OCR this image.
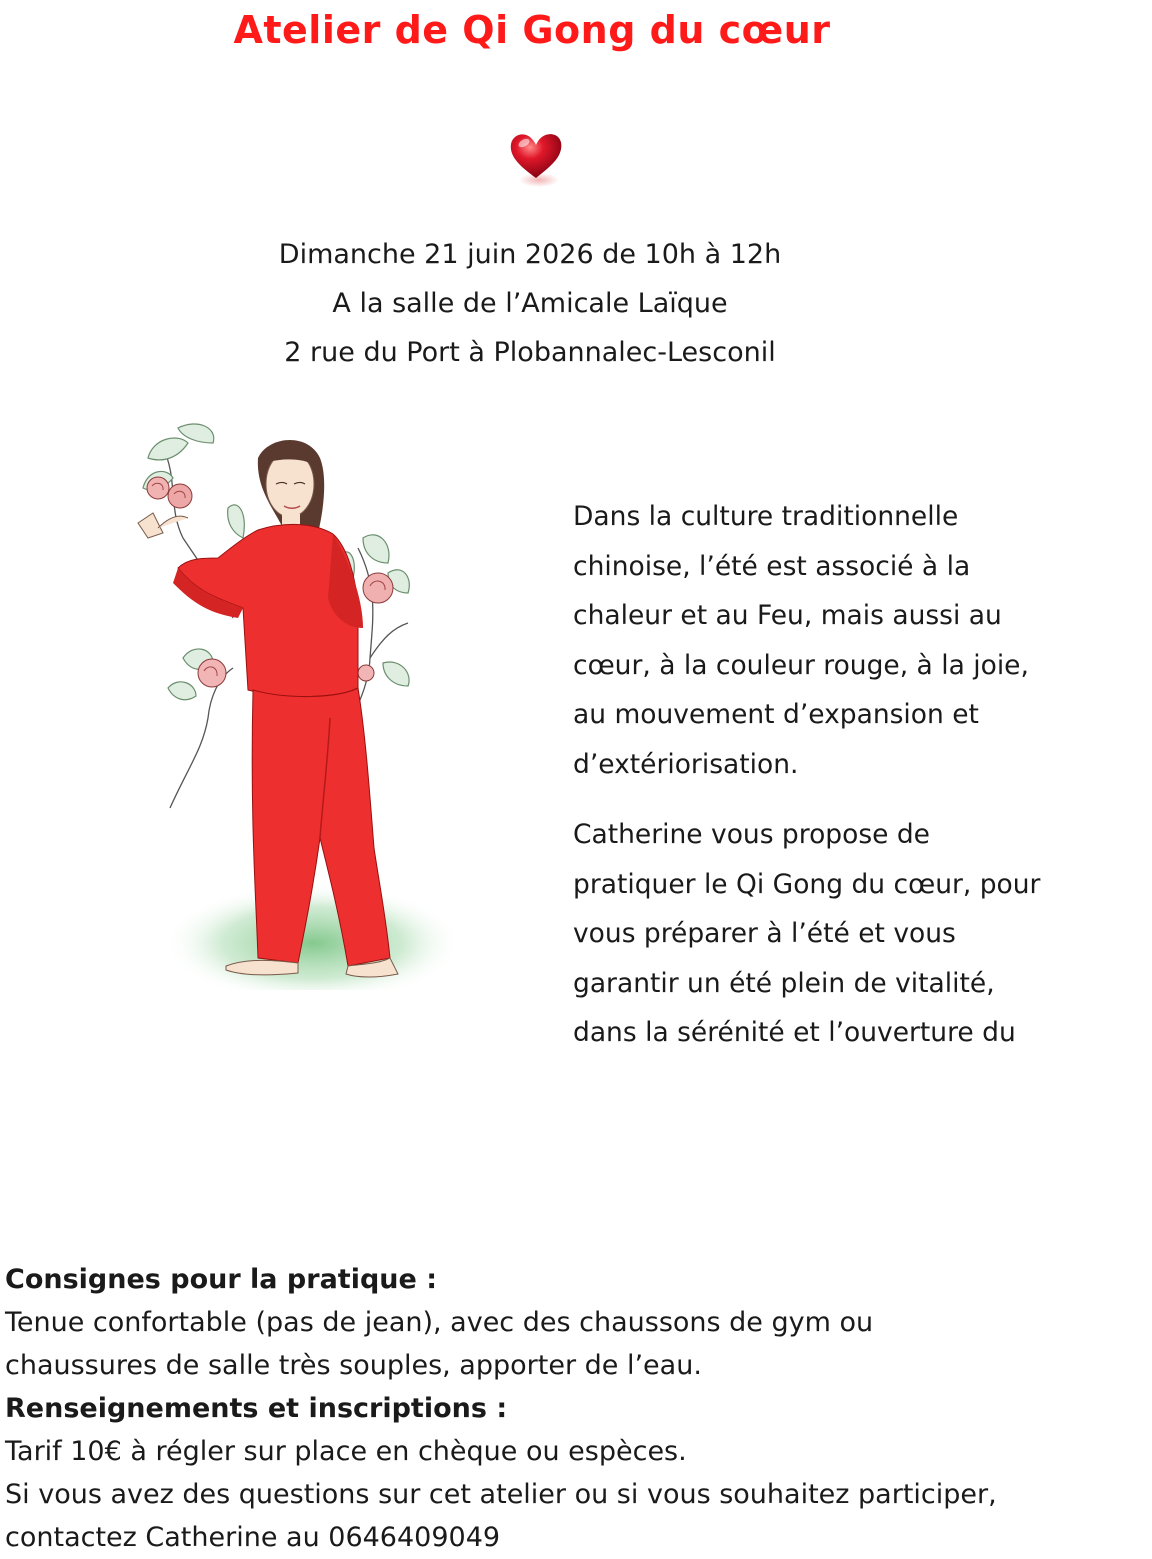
Atelier de Qi Gong du cœur
Dimanche 21 juin 2026 de 10h à 12h
A la salle de l’Amicale Laïque
2 rue du Port à Plobannalec-Lesconil

Dans la culture traditionnelle
chinoise, l’été est associé à la
chaleur et au Feu, mais aussi au
cœur, à la couleur rouge, à la joie,
au mouvement d’expansion et
d’extériorisation.

Catherine vous propose de
pratiquer le Qi Gong du cœur, pour
vous préparer à l’été et vous
garantir un été plein de vitalité,
dans la sérénité et l’ouverture du

Consignes pour la pratique :
Tenue confortable (pas de jean), avec des chaussons de gym ou
chaussures de salle très souples, apporter de l’eau.
Renseignements et inscriptions :
Tarif 10€ à régler sur place en chèque ou espèces.
Si vous avez des questions sur cet atelier ou si vous souhaitez participer,
contactez Catherine au 0646409049
